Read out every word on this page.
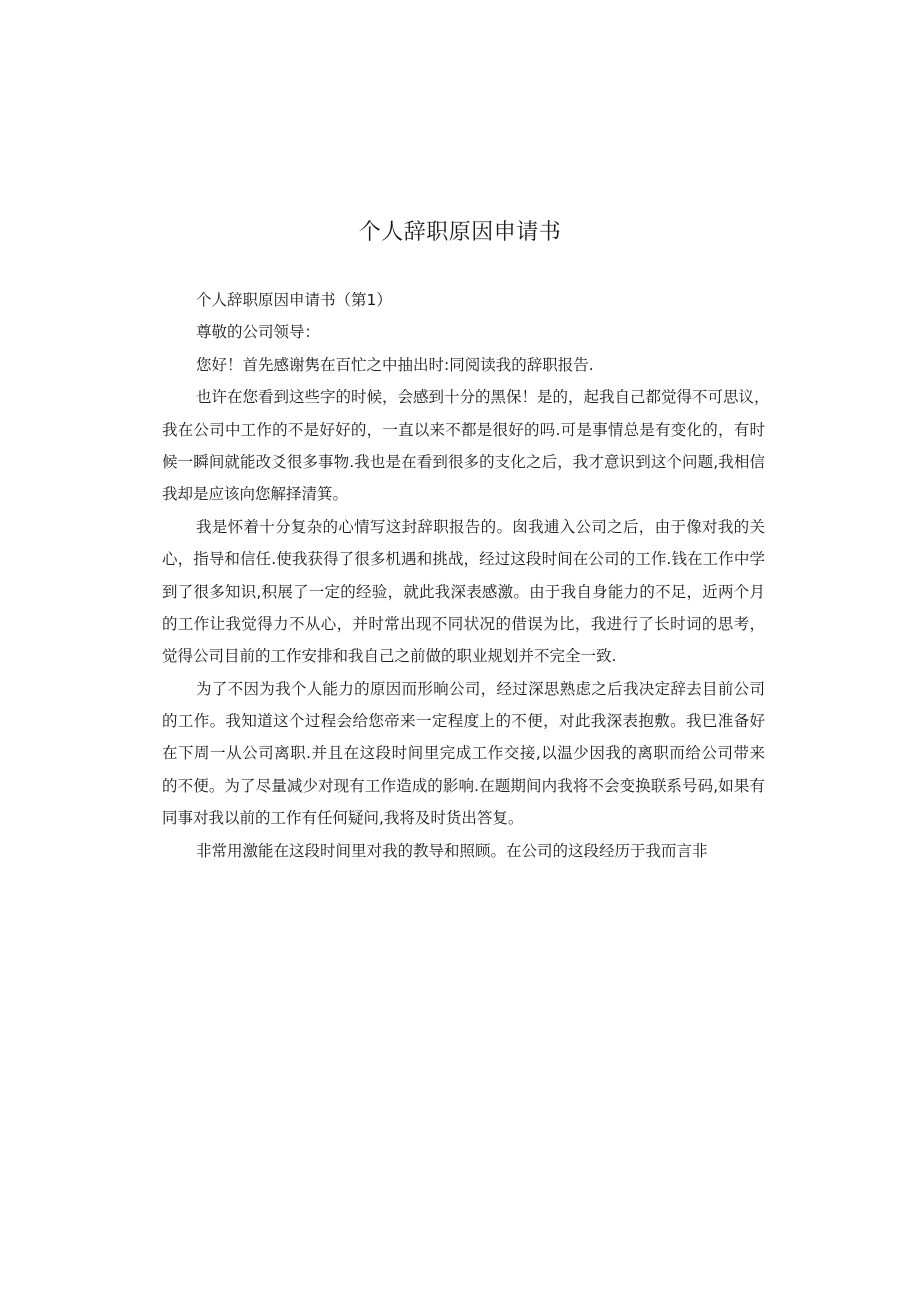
个人辞职原因申请书
个人辞职原因申请书（第1）
尊敬的公司领导：
您好！首先感谢隽在百忙之中抽出时:同阅读我的辞职报告.
也许在您看到这些字的时候，会感到十分的黑保！是的，起我自己都觉得不可思议，
我在公司中工作的不是好好的，一直以来不都是很好的吗.可是事情总是有变化的，有时
候一瞬间就能改爻很多事物.我也是在看到很多的支化之后，我才意识到这个问题,我相信
我却是应该向您解择清箕。
我是怀着十分复杂的心情写这封辞职报告的。囱我逋入公司之后，由于像对我的关
心，指导和信任.使我获得了很多机遇和挑战，经过这段时间在公司的工作.钱在工作中学
到了很多知识,积展了一定的经验，就此我深表感激。由于我自身能力的不足，近两个月
的工作让我觉得力不从心，并时常出现不同状况的借误为比，我进行了长时词的思考，
觉得公司目前的工作安排和我自己之前做的职业规划并不完全一致.
为了不因为我个人能力的原因而形晌公司，经过深思熟虑之后我决定辞去目前公司
的工作。我知道这个过程会给您帝来一定程度上的不便，对此我深表抱敷。我巳准备好
在下周一从公司离职.并且在这段时间里完成工作交接,以温少因我的离职而给公司带来
的不便。为了尽量减少对现有工作造成的影响.在题期间内我将不会变换联系号码,如果有
同事对我以前的工作有任何疑问,我将及时货出答复。
非常用激能在这段时间里对我的教导和照顾。在公司的这段经历于我而言非
